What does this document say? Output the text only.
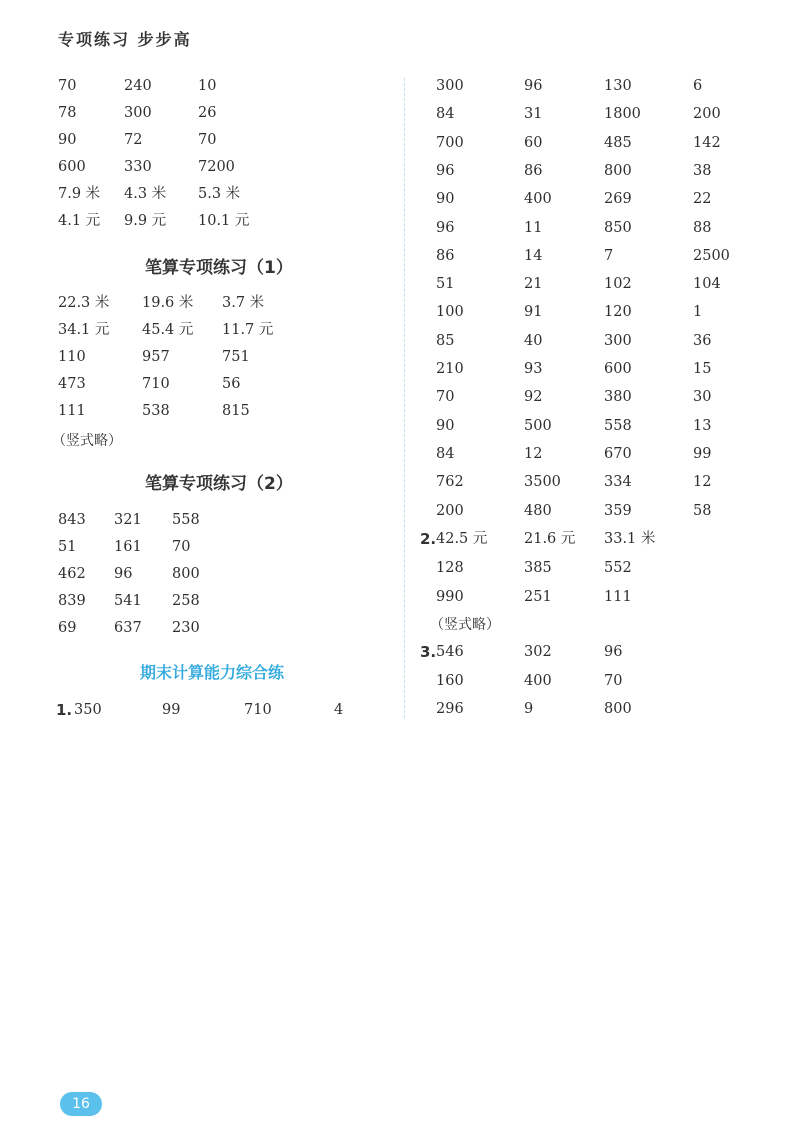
专项练习 步步高
70	240	10
78	300	26
90	72	70
600	330	7200
7.9 米 4.3 米 5.3 米
4.1 元 9.9 元 10.1 元
笔算专项练习（1）
22.3 米 19.6 米 3.7 米
34.1 元 45.4 元 11.7 元
110	957	751
473	710	56
111	538	815
（竖式略）
笔算专项练习（2）
843 321 558
51	161 70
462 96	800
839 541 258
69	637 230
期末计算能力综合练
1. 350	99	710	4
300	96	130	6
84	31	1800	200
700	60	485	142
96	86	800	38
90	400	269	22
96	11	850	88
86	14	7	2500
51	21	102	104
100	91	120	1
85	40	300	36
210	93	600	15
70	92	380	30
90	500	558	13
84	12	670	99
762	3500	334	12
200	480	359	58
2. 42.5 元	21.6 元 33.1 米
128	385	552
990	251	111
（竖式略）
3. 546	302	96
160	400	70
296	9	800
16
